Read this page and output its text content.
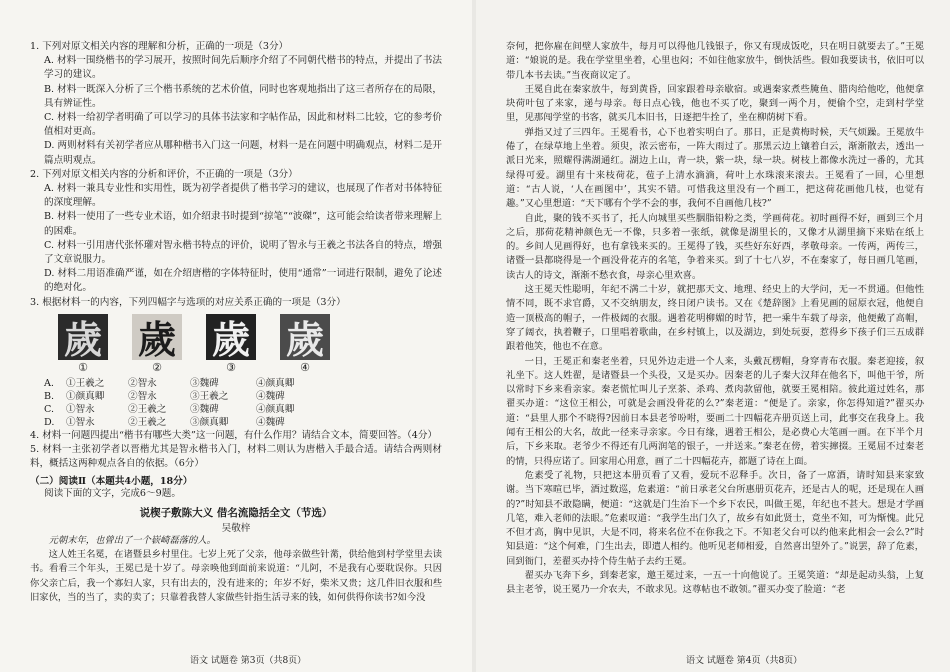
1. 下列对原文相关内容的理解和分析，正确的一项是（3分）

A. 材料一围绕楷书的学习展开，按照时间先后顺序介绍了不同朝代楷书的特点，并提出了书法学习的建议。

B. 材料一既深入分析了三个楷书系统的艺术价值，同时也客观地指出了这三者所存在的局限，具有辨证性。

C. 材料一给初学者明确了可以学习的具体书法家和字帖作品，因此和材料二比较，它的参考价值相对更高。

D. 两则材料有关初学者应从哪种楷书入门这一问题，材料一是在问题中明确观点，材料二是开篇点明观点。

2. 下列对原文相关内容的分析和评价，不正确的一项是（3分）

A. 材料一兼具专业性和实用性，既为初学者提供了楷书学习的建议，也展现了作者对书体特征的深度理解。

B. 材料一使用了一些专业术语，如介绍隶书时提到“掠笔”“波磔”，这可能会给读者带来理解上的困难。

C. 材料一引用唐代张怀瓘对智永楷书特点的评价，说明了智永与王羲之书法各自的特点，增强了文章说服力。

D. 材料二用语准确严谨，如在介绍唐楷的字体特征时，使用“通常”一词进行限制，避免了论述的绝对化。

3. 根据材料一的内容，下列四幅字与选项的对应关系正确的一项是（3分）

歲 歲 歲 歲
①	②	③	④
A.	①王羲之	②智永	③魏碑	④颜真卿
B.	①颜真卿	②智永	③王羲之	④魏碑
C.	①智永	②王羲之	③魏碑	④颜真卿
D.	①智永	②王羲之	③颜真卿	④魏碑

4. 材料一问题四提出“楷书有哪些大类”这一问题，有什么作用？请结合文本，简要回答。（4分）

5. 材料一主张初学者以晋楷尤其是智永楷书入门，材料二则认为唐楷入手最合适。请结合两则材料，概括这两种观点各自的依据。（6分）

（二）阅读Ⅱ（本题共4小题，18分）

阅读下面的文字，完成6～9题。

说楔子敷陈大义 借名流隐括全文（节选）

吴敬梓

元朝末年，也曾出了一个嵚崎磊落的人。

这人姓王名冕，在诸暨县乡村里住。七岁上死了父亲，他母亲做些针黹，供给他到村学堂里去读书。看看三个年头，王冕已是十岁了。母亲唤他到面前来说道：“儿阿，不是我有心要耽误你。只因你父亲亡后，我一个寡妇人家，只有出去的，没有进来的；年岁不好，柴米又贵；这几件旧衣服和些旧家伙，当的当了，卖的卖了；只靠着我替人家做些针指生活寻来的钱，如何供得你读书?如今没

语文 试题卷 第3页（共8页）

奈何，把你雇在间壁人家放牛，每月可以得他几钱银子，你又有现成饭吃，只在明日就要去了。”王冕道：“娘说的是。我在学堂里坐着，心里也闷；不如往他家放牛，倒快活些。假如我要读书，依旧可以带几本书去读。”当夜商议定了。

王冕自此在秦家放牛，每到黄昏，回家跟着母亲歇宿。或遇秦家煮些腌鱼、腊肉给他吃，他便拿块荷叶包了来家，递与母亲。每日点心钱，他也不买了吃，聚到一两个月，便偷个空，走到村学堂里，见那闯学堂的书客，就买几本旧书，日逐把牛拴了，坐在柳荫树下看。

弹指又过了三四年。王冕看书，心下也着实明白了。那日，正是黄梅时候，天气烦躁。王冕放牛倦了，在绿草地上坐着。须臾，浓云密布，一阵大雨过了。那黑云边上镶着白云，渐渐散去，透出一派日光来，照耀得满湖通红。湖边上山，青一块，紫一块，绿一块。树枝上都像水洗过一番的，尤其绿得可爱。湖里有十来枝荷花，苞子上清水滴滴，荷叶上水珠滚来滚去。王冕看了一回，心里想道：“古人说，‘人在画图中’，其实不错。可惜我这里没有一个画工，把这荷花画他几枝，也觉有趣。”又心里想道：“天下哪有个学不会的事，我何不自画他几枝?”

自此，聚的钱不买书了，托人向城里买些胭脂铅粉之类，学画荷花。初时画得不好，画到三个月之后，那荷花精神颜色无一不像，只多着一张纸，就像是湖里长的，又像才从湖里摘下来贴在纸上的。乡间人见画得好，也有拿钱来买的。王冕得了钱，买些好东好西，孝敬母亲。一传两，两传三，诸暨一县都晓得是一个画没骨花卉的名笔，争着来买。到了十七八岁，不在秦家了，每日画几笔画，读古人的诗文，渐渐不愁衣食，母亲心里欢喜。

这王冕天性聪明，年纪不满二十岁，就把那天文、地理、经史上的大学问，无一不贯通。但他性情不同，既不求官爵，又不交纳朋友，终日闭户读书。又在《楚辞图》上看见画的屈原衣冠，他便自造一顶极高的帽子，一件极阔的衣服。遇着花明柳媚的时节，把一乘牛车载了母亲，他便戴了高帽，穿了阔衣，执着鞭子，口里唱着歌曲，在乡村镇上，以及湖边，到处玩耍，惹得乡下孩子们三五成群跟着他笑，他也不在意。

一日，王冕正和秦老坐着，只见外边走进一个人来，头戴瓦楞帽，身穿青布衣服。秦老迎接，叙礼坐下。这人姓翟，是诸暨县一个头役，又是买办。因秦老的儿子秦大汉拜在他名下，叫他干爷，所以常时下乡来看亲家。秦老慌忙叫儿子烹茶、杀鸡、煮肉款留他，就要王冕相陪。彼此道过姓名，那翟买办道：“这位王相公，可就是会画没骨花的么?”秦老道：“便是了。亲家，你怎得知道?”翟买办道：“县里人那个不晓得?因前日本县老爷吩咐，要画二十四幅花卉册页送上司，此事交在我身上。我闻有王相公的大名，故此一径来寻亲家。今日有缘，遇着王相公，是必费心大笔画一画。在下半个月后，下乡来取。老爷少不得还有几两润笔的银子，一并送来。”秦老在傍，着实撺掇。王冕屈不过秦老的情，只得应诺了。回家用心用意，画了二十四幅花卉，都题了诗在上面。

危素受了礼物，只把这本册页看了又看，爱玩不忍释手。次日，备了一席酒，请时知县来家致谢。当下寒暄已毕，酒过数巡，危素道：“前日承老父台所惠册页花卉，还是古人的呢，还是现在人画的?”时知县不敢隐瞒，便道：“这就是门生治下一个乡下农民，叫做王冕，年纪也不甚大。想是才学画几笔，难入老师的法眼。”危素叹道：“我学生出门久了，故乡有如此贤士，竟坐不知，可为惭愧。此兄不但才高，胸中见识，大是不同，将来名位不在你我之下。不知老父台可以约他来此相会一会么?”时知县道：“这个何难，门生出去，即遣人相约。他听见老师相爱，自然喜出望外了。”说罢，辞了危素，回到衙门，差翟买办持个侍生帖子去约王冕。

翟买办飞奔下乡，到秦老家，邀王冕过来，一五一十向他说了。王冕笑道：“却是起动头翁，上复县主老爷，说王冕乃一介农夫，不敢求见。这尊帖也不敢领。”翟买办变了脸道：“老

语文 试题卷 第4页（共8页）
